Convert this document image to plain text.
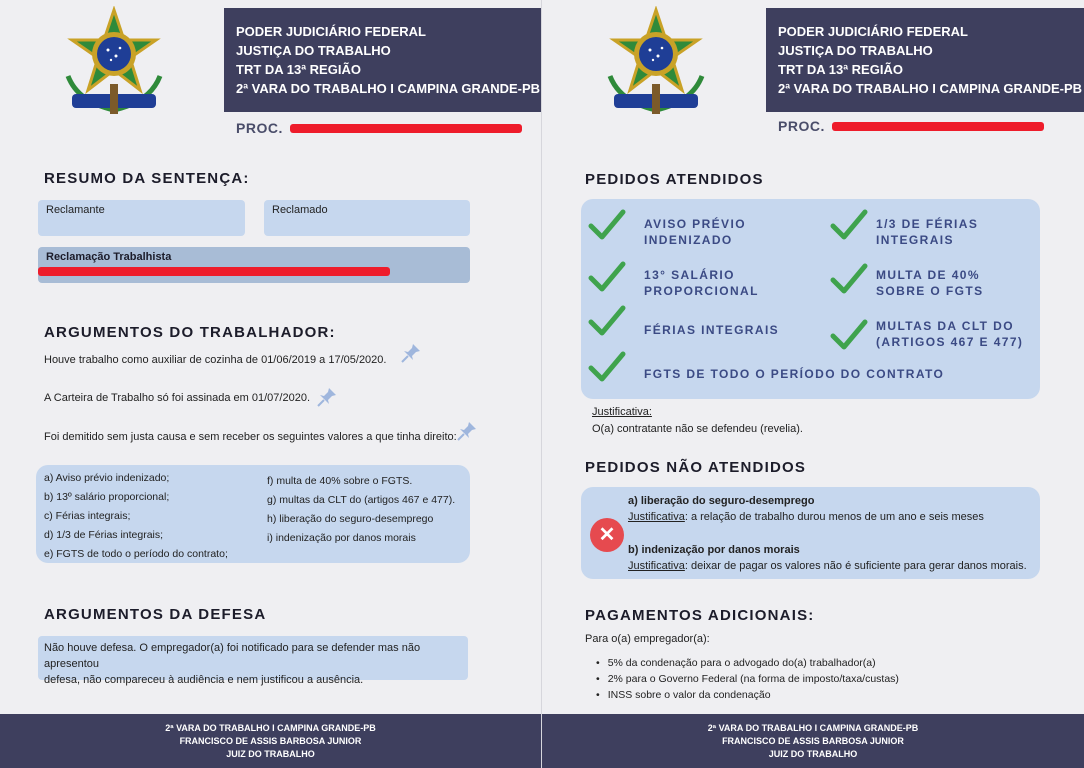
PODER JUDICIÁRIO FEDERAL
JUSTIÇA DO TRABALHO
TRT DA 13ª REGIÃO
2ª VARA DO TRABALHO I CAMPINA GRANDE-PB
PROC.
RESUMO DA SENTENÇA:
Reclamante	Reclamado
Reclamação Trabalhista
ARGUMENTOS DO TRABALHADOR:
Houve trabalho como auxiliar de cozinha de 01/06/2019 a 17/05/2020.
A Carteira de Trabalho só foi assinada em 01/07/2020.
Foi demitido sem justa causa e sem receber os seguintes valores a que tinha direito:
a) Aviso prévio indenizado;
b) 13º salário proporcional;
c) Férias integrais;
d) 1/3 de Férias integrais;
e) FGTS de todo o período do contrato;
f) multa de 40% sobre o FGTS.
g) multas da CLT do (artigos 467 e 477).
h) liberação do seguro-desemprego
i) indenização por danos morais
ARGUMENTOS DA DEFESA
Não houve defesa. O empregador(a) foi notificado para se defender mas não apresentou
defesa, não compareceu à audiência e nem justificou a ausência.
2ª VARA DO TRABALHO I CAMPINA GRANDE-PB
FRANCISCO DE ASSIS BARBOSA JUNIOR
JUIZ DO TRABALHO
PODER JUDICIÁRIO FEDERAL
JUSTIÇA DO TRABALHO
TRT DA 13ª REGIÃO
2ª VARA DO TRABALHO I CAMPINA GRANDE-PB
PROC.
PEDIDOS ATENDIDOS
AVISO PRÉVIO
INDENIZADO
1/3 DE FÉRIAS
INTEGRAIS
13° SALÁRIO
PROPORCIONAL
MULTA DE 40%
SOBRE O FGTS
FÉRIAS INTEGRAIS	MULTAS DA CLT DO
(ARTIGOS 467 E 477)
FGTS DE TODO O PERÍODO DO CONTRATO
Justificativa:
O(a) contratante não se defendeu (revelia).
PEDIDOS NÃO ATENDIDOS
✕
a) liberação do seguro-desemprego
Justificativa: a relação de trabalho durou menos de um ano e seis meses
b) indenização por danos morais
Justificativa: deixar de pagar os valores não é suficiente para gerar danos morais.
PAGAMENTOS ADICIONAIS:
Para o(a) empregador(a):
• 5% da condenação para o advogado do(a) trabalhador(a)
• 2% para o Governo Federal (na forma de imposto/taxa/custas)
• INSS sobre o valor da condenação
2ª VARA DO TRABALHO I CAMPINA GRANDE-PB
FRANCISCO DE ASSIS BARBOSA JUNIOR
JUIZ DO TRABALHO
